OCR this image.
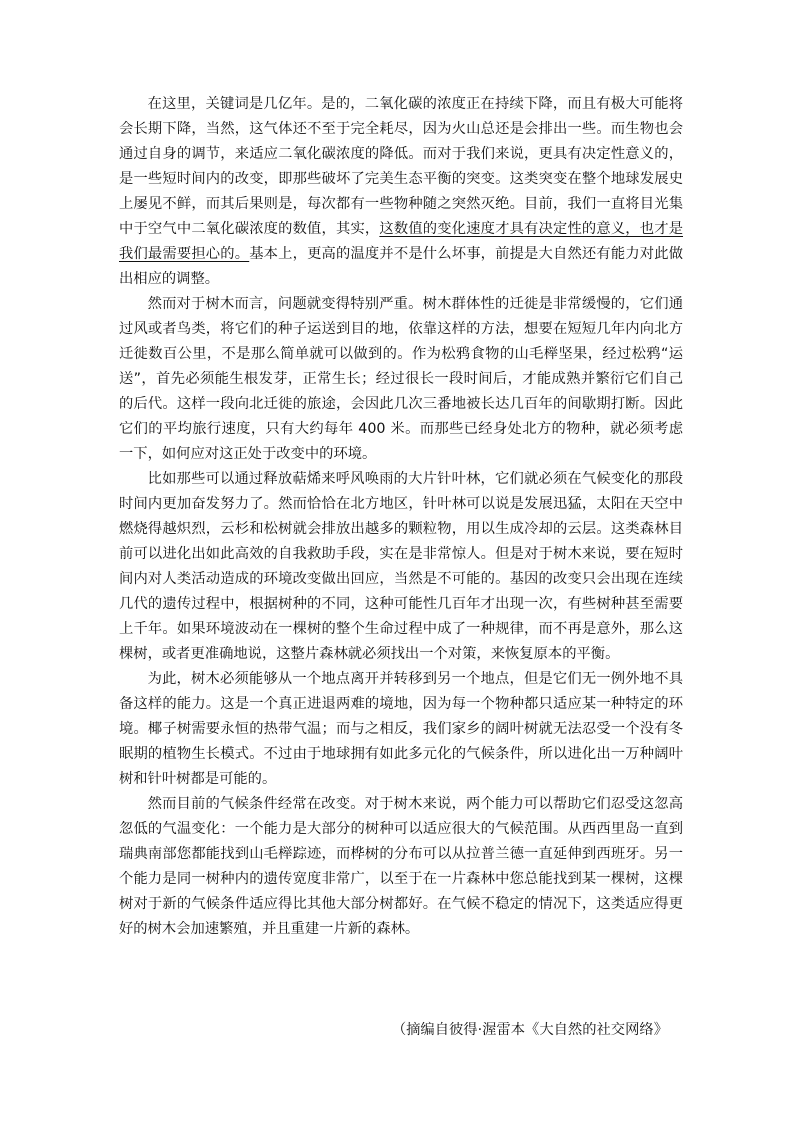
在这里，关键词是几亿年。是的，二氧化碳的浓度正在持续下降，而且有极大可能将会长期下降，当然，这气体还不至于完全耗尽，因为火山总还是会排出一些。而生物也会通过自身的调节，来适应二氧化碳浓度的降低。而对于我们来说，更具有决定性意义的，是一些短时间内的改变，即那些破坏了完美生态平衡的突变。这类突变在整个地球发展史上屡见不鲜，而其后果则是，每次都有一些物种随之突然灭绝。目前，我们一直将目光集中于空气中二氧化碳浓度的数值，其实，这数值的变化速度才具有决定性的意义，也才是我们最需要担心的。基本上，更高的温度并不是什么坏事，前提是大自然还有能力对此做出相应的调整。

然而对于树木而言，问题就变得特别严重。树木群体性的迁徙是非常缓慢的，它们通过风或者鸟类，将它们的种子运送到目的地，依靠这样的方法，想要在短短几年内向北方迁徙数百公里，不是那么简单就可以做到的。作为松鸦食物的山毛榉坚果，经过松鸦“运送”，首先必须能生根发芽，正常生长；经过很长一段时间后，才能成熟并繁衍它们自己的后代。这样一段向北迁徙的旅途，会因此几次三番地被长达几百年的间歇期打断。因此它们的平均旅行速度，只有大约每年 400 米。而那些已经身处北方的物种，就必须考虑一下，如何应对这正处于改变中的环境。

比如那些可以通过释放萜烯来呼风唤雨的大片针叶林，它们就必须在气候变化的那段时间内更加奋发努力了。然而恰恰在北方地区，针叶林可以说是发展迅猛，太阳在天空中燃烧得越炽烈，云杉和松树就会排放出越多的颗粒物，用以生成冷却的云层。这类森林目前可以进化出如此高效的自我救助手段，实在是非常惊人。但是对于树木来说，要在短时间内对人类活动造成的环境改变做出回应，当然是不可能的。基因的改变只会出现在连续几代的遗传过程中，根据树种的不同，这种可能性几百年才出现一次，有些树种甚至需要上千年。如果环境波动在一棵树的整个生命过程中成了一种规律，而不再是意外，那么这棵树，或者更准确地说，这整片森林就必须找出一个对策，来恢复原本的平衡。

为此，树木必须能够从一个地点离开并转移到另一个地点，但是它们无一例外地不具备这样的能力。这是一个真正进退两难的境地，因为每一个物种都只适应某一种特定的环境。椰子树需要永恒的热带气温；而与之相反，我们家乡的阔叶树就无法忍受一个没有冬眠期的植物生长模式。不过由于地球拥有如此多元化的气候条件，所以进化出一万种阔叶树和针叶树都是可能的。

然而目前的气候条件经常在改变。对于树木来说，两个能力可以帮助它们忍受这忽高忽低的气温变化：一个能力是大部分的树种可以适应很大的气候范围。从西西里岛一直到瑞典南部您都能找到山毛榉踪迹，而桦树的分布可以从拉普兰德一直延伸到西班牙。另一个能力是同一树种内的遗传宽度非常广，以至于在一片森林中您总能找到某一棵树，这棵树对于新的气候条件适应得比其他大部分树都好。在气候不稳定的情况下，这类适应得更好的树木会加速繁殖，并且重建一片新的森林。

（摘编自彼得·渥雷本《大自然的社交网络》
